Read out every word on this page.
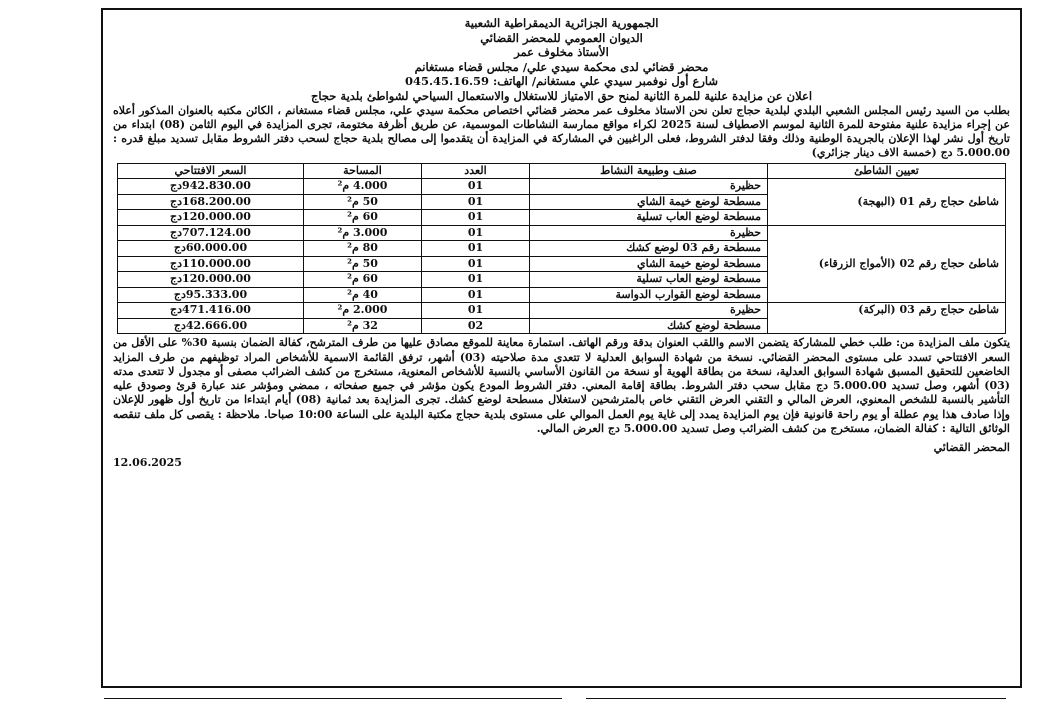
الجمهورية الجزائرية الديمقراطية الشعبية
الديوان العمومي للمحضر القضائي
الأستاذ مخلوف عمر
محضر قضائي لدى محكمة سيدي علي/ مجلس قضاء مستغانم
شارع أول نوفمبر سيدي علي مستغانم/ الهاتف: 045.45.16.59
اعلان عن مزايدة علنية للمرة الثانية لمنح حق الامتياز للاستغلال والاستعمال السياحي لشواطئ بلدية حجاج

بطلب من السيد رئيس المجلس الشعبي البلدي لبلدية حجاج تعلن نحن الاستاذ مخلوف عمر محضر قضائي اختصاص محكمة سيدي علي، مجلس قضاء مستغانم ، الكائن مكتبه بالعنوان المذكور أعلاه عن إجراء مزايدة علنية مفتوحة للمرة الثانية لموسم الاصطياف لسنة 2025 لكراء مواقع ممارسة النشاطات الموسمية، عن طريق أظرفة مختومة، تجرى المزايدة في اليوم الثامن (08) ابتداء من تاريخ أول نشر لهذا الإعلان بالجريدة الوطنية وذلك وفقا لدفتر الشروط، فعلى الراغبين في المشاركة في المزايدة أن يتقدموا إلى مصالح بلدية حجاج لسحب دفتر الشروط مقابل تسديد مبلغ قدره : 5.000.00 دج (خمسة الاف دينار جزائري)

تعيين الشاطئ	صنف وطبيعة النشاط	العدد	المساحة	السعر الافتتاحي
شاطئ حجاج رقم 01 (البهجة)	حظيرة	01	4.000 م²	942.830.00دج
	مسطحة لوضع خيمة الشاي	01	50 م²	168.200.00دج
	مسطحة لوضع العاب تسلية	01	60 م²	120.000.00دج
شاطئ حجاج رقم 02 (الأمواج الزرقاء)	حظيرة	01	3.000 م²	707.124.00دج
	مسطحة رقم 03 لوضع كشك	01	80 م²	60.000.00دج
	مسطحة لوضع خيمة الشاي	01	50 م²	110.000.00دج
	مسطحة لوضع العاب تسلية	01	60 م²	120.000.00دج
	مسطحة لوضع القوارب الدواسة	01	40 م²	95.333.00دج
شاطئ حجاج رقم 03 (البركة)	حظيرة	01	2.000 م²	471.416.00دج
	مسطحة لوضع كشك	02	32 م²	42.666.00دج

يتكون ملف المزايدة من: طلب خطي للمشاركة يتضمن الاسم واللقب العنوان بدقة ورقم الهاتف. استمارة معاينة للموقع مصادق عليها من طرف المترشح، كفالة الضمان بنسبة 30% على الأقل من السعر الافتتاحي تسدد على مستوى المحضر القضائي. نسخة من شهادة السوابق العدلية لا تتعدى مدة صلاحيته (03) أشهر، ترفق القائمة الاسمية للأشخاص المراد توظيفهم من طرف المزايد الخاضعين للتحقيق المسبق شهادة السوابق العدلية، نسخة من بطاقة الهوية أو نسخة من القانون الأساسي بالنسبة للأشخاص المعنوية، مستخرج من كشف الضرائب مصفى أو مجدول لا تتعدى مدته (03) أشهر، وصل تسديد 5.000.00 دج مقابل سحب دفتر الشروط. بطاقة إقامة المعني. دفتر الشروط المودع يكون مؤشر في جميع صفحاته ، ممضي ومؤشر عند عبارة قرئ وصودق عليه التأشير بالنسبة للشخص المعنوي، العرض المالي و التقني العرض التقني خاص بالمترشحين لاستغلال مسطحة لوضع كشك. تجرى المزايدة بعد ثمانية (08) أيام ابتداءا من تاريخ أول ظهور للإعلان وإذا صادف هذا يوم عطلة أو يوم راحة قانونية فإن يوم المزايدة يمدد إلى غاية يوم العمل الموالي على مستوى بلدية حجاج مكتبة البلدية على الساعة 10:00 صباحا. ملاحظة : يقصى كل ملف تنقصه الوثائق التالية : كفالة الضمان، مستخرج من كشف الضرائب وصل تسديد 5.000.00 دج العرض المالي.

المحضر القضائي
12.06.2025
